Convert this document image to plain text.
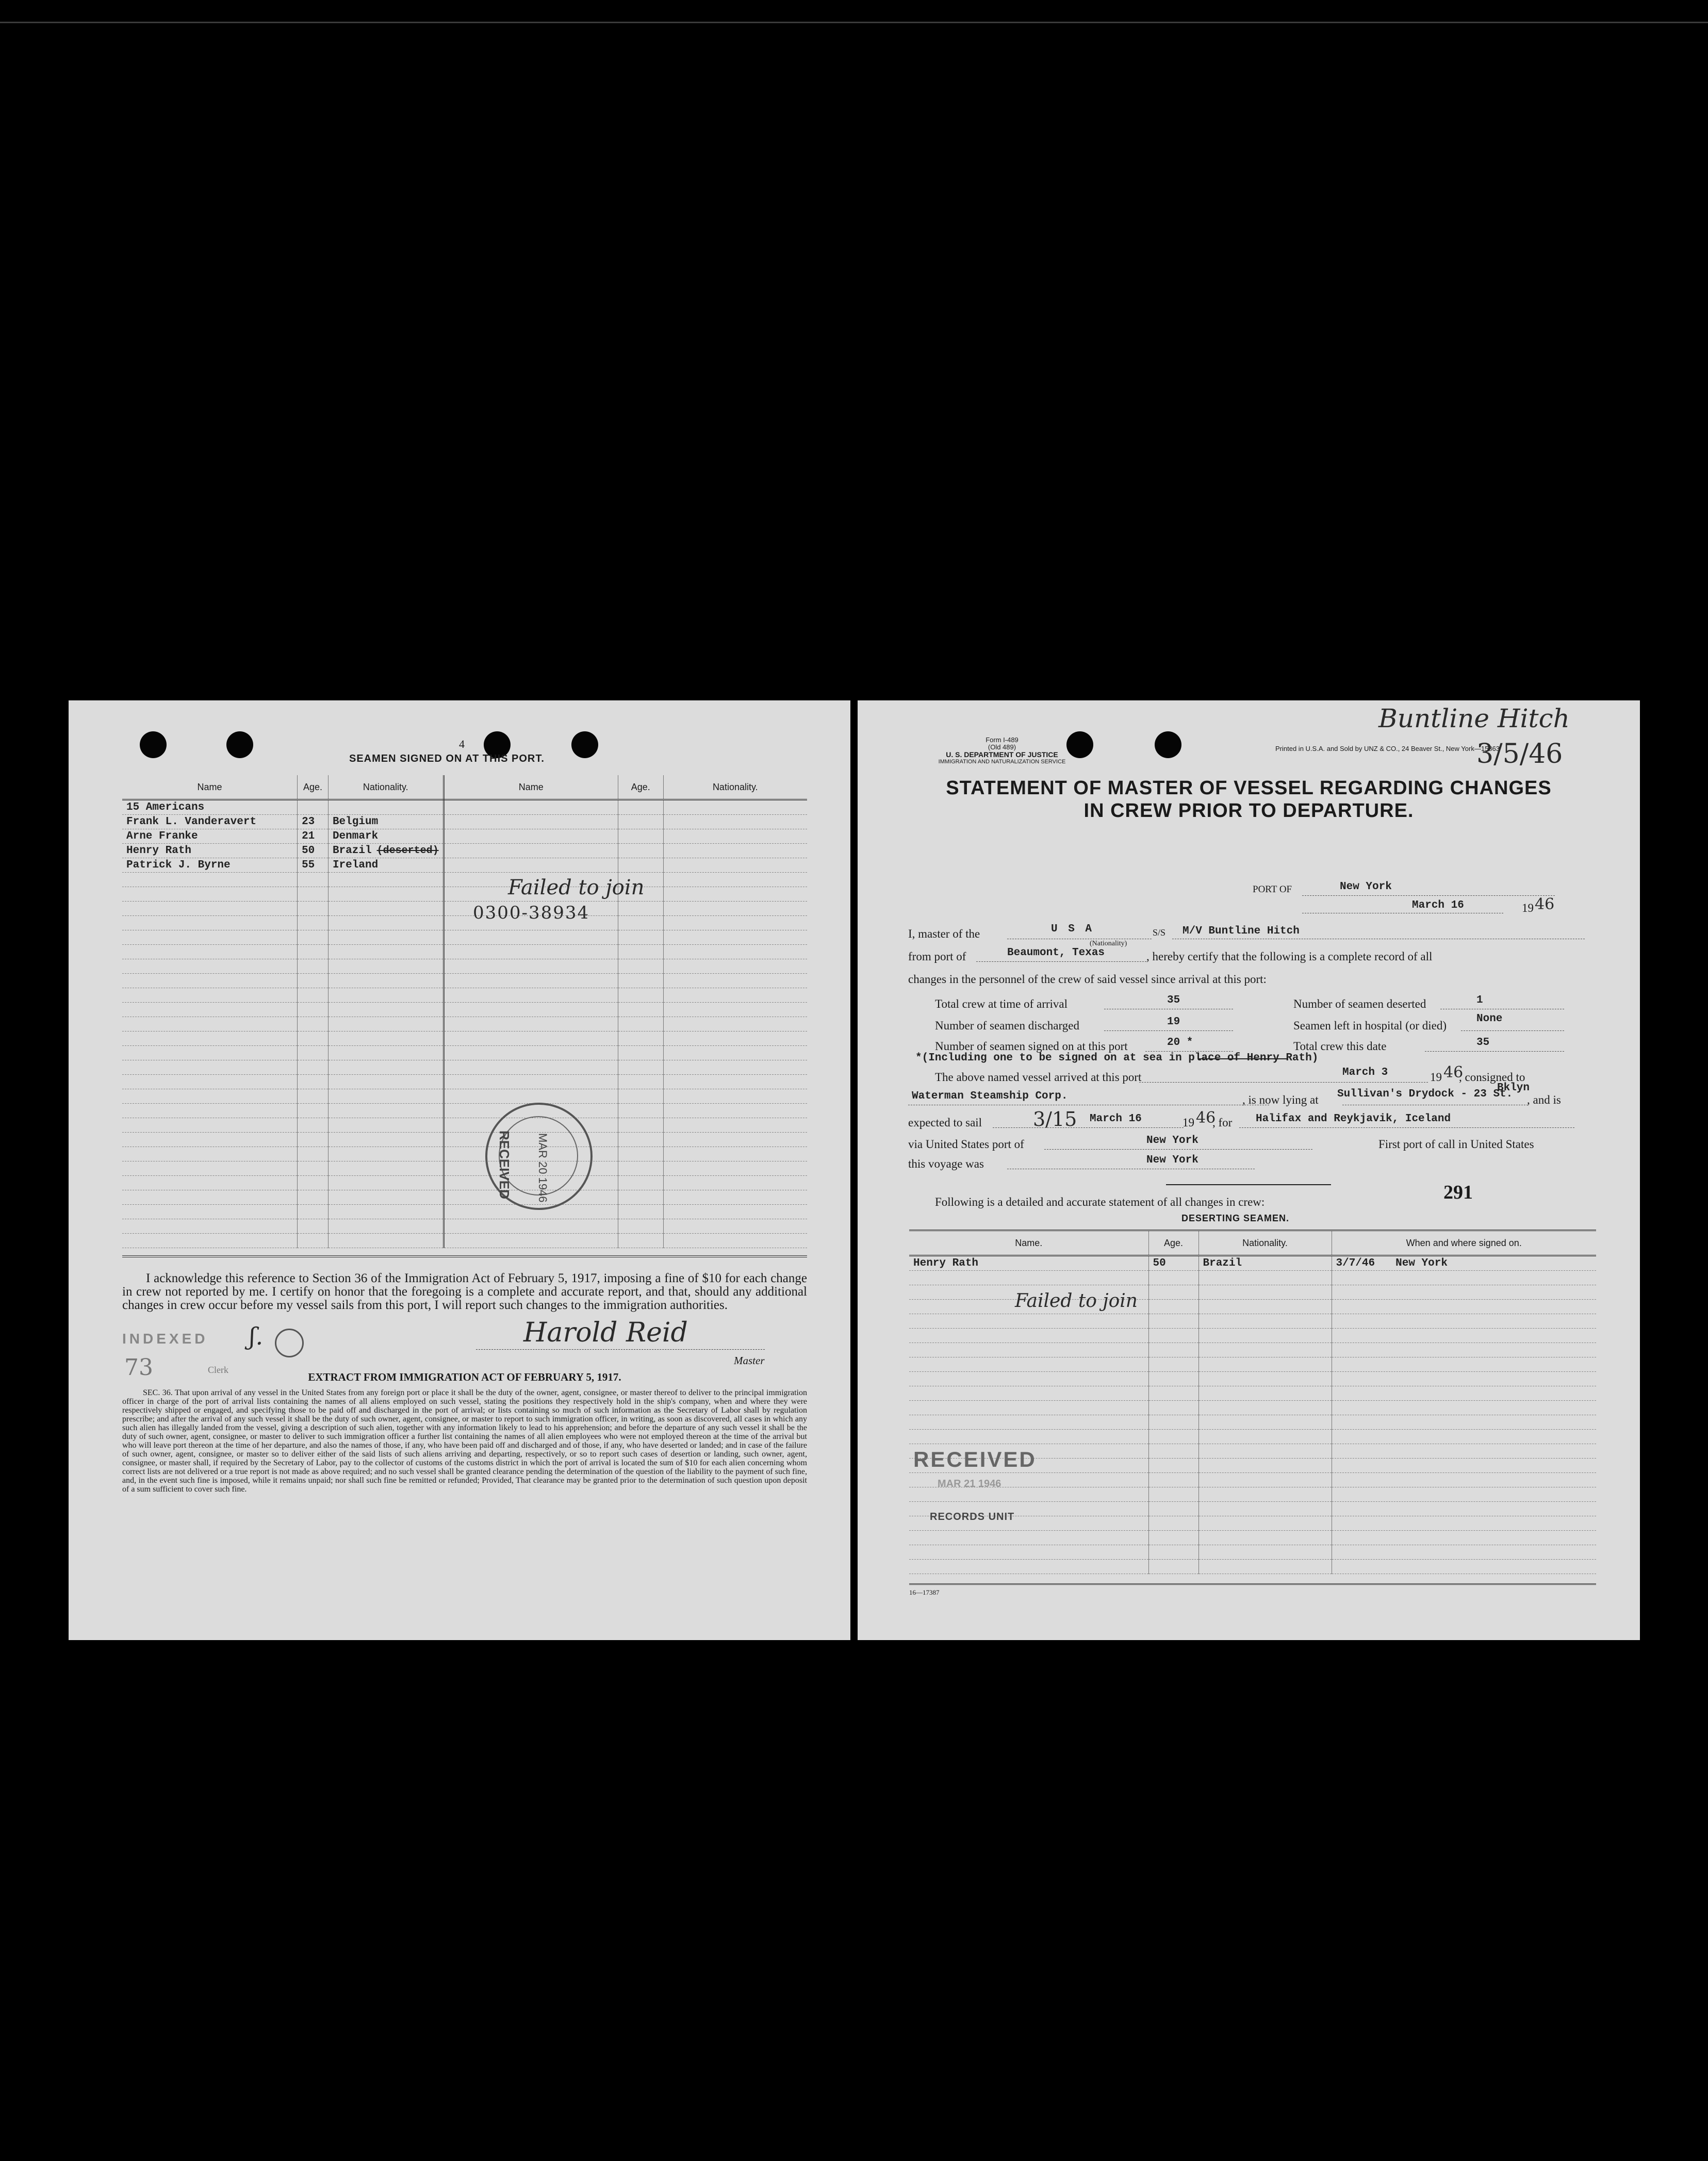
4
SEAMEN SIGNED ON AT THIS PORT.
Name	Age.	Nationality.	Name	Age.	Nationality.
15 Americans					
Frank L. Vanderavert	23	Belgium			
Arne Franke	21	Denmark			
Henry Rath	50	Brazil (deserted)			
Patrick J. Byrne	55	Ireland			

Failed to join
0300-38934
RECEIVED MAR 20 1946
I acknowledge this reference to Section 36 of the Immigration Act of February 5, 1917, imposing a fine of $10 for each change in crew not reported by me. I certify on honor that the foregoing is a complete and accurate report, and that, should any additional changes in crew occur before my vessel sails from this port, I will report such changes to the immigration authorities.
INDEXED ʃ.
73	Clerk
Harold Reid
Master
EXTRACT FROM IMMIGRATION ACT OF FEBRUARY 5, 1917.
SEC. 36. That upon arrival of any vessel in the United States from any foreign port or place it shall be the duty of the owner, agent, consignee, or master thereof to deliver to the principal immigration officer in charge of the port of arrival lists containing the names of all aliens employed on such vessel, stating the positions they respectively hold in the ship's company, when and where they were respectively shipped or engaged, and specifying those to be paid off and discharged in the port of arrival; or lists containing so much of such information as the Secretary of Labor shall by regulation prescribe; and after the arrival of any such vessel it shall be the duty of such owner, agent, consignee, or master to report to such immigration officer, in writing, as soon as discovered, all cases in which any such alien has illegally landed from the vessel, giving a description of such alien, together with any information likely to lead to his apprehension; and before the departure of any such vessel it shall be the duty of such owner, agent, consignee, or master to deliver to such immigration officer a further list containing the names of all alien employees who were not employed thereon at the time of the arrival but who will leave port thereon at the time of her departure, and also the names of those, if any, who have been paid off and discharged and of those, if any, who have deserted or landed; and in case of the failure of such owner, agent, consignee, or master so to deliver either of the said lists of such aliens arriving and departing, respectively, or so to report such cases of desertion or landing, such owner, agent, consignee, or master shall, if required by the Secretary of Labor, pay to the collector of customs of the customs district in which the port of arrival is located the sum of $10 for each alien concerning whom correct lists are not delivered or a true report is not made as above required; and no such vessel shall be granted clearance pending the determination of the question of the liability to the payment of such fine, and, in the event such fine is imposed, while it remains unpaid; nor shall such fine be remitted or refunded; Provided, That clearance may be granted prior to the determination of such question upon deposit of a sum sufficient to cover such fine.
Form I-489
(Old 489)
U. S. DEPARTMENT OF JUSTICE
IMMIGRATION AND NATURALIZATION SERVICE
Printed in U.S.A. and Sold by UNZ & CO., 24 Beaver St., New York—15863
Buntline Hitch
3/5/46
STATEMENT OF MASTER OF VESSEL REGARDING CHANGES
IN CREW PRIOR TO DEPARTURE.
PORT OF	New York
March 16	19 46
I, master of the	U S A
(Nationality)
S/S M/V Buntline Hitch
from port of	Beaumont, Texas	, hereby certify that the following is a complete record of all
changes in the personnel of the crew of said vessel since arrival at this port:
Total crew at time of arrival	35
Number of seamen discharged	19
Number of seamen signed on at this port	20 *
Number of seamen deserted	1
Seamen left in hospital (or died)
None
Total crew this date	35
*(Including one to be signed on at sea in place of Henry Rath)
The above named vessel arrived at this port	March 3	19 46
, consigned to
Waterman Steamship Corp.	, is now lying at Sullivan's Drydock - 23 St.
Bklyn
, and is
expected to sail	3/15 March 16	19 46
, for Halifax and Reykjavik, Iceland
via United States port of	New York	First port of call in United States
this voyage was	New York
Following is a detailed and accurate statement of all changes in crew:	291
DESERTING SEAMEN.
Name.	Age.	Nationality.	When and where signed on.
Henry Rath	50	Brazil	3/7/46 New York

Failed to join
RECEIVED
MAR 21 1946
RECORDS UNIT
16—17387
